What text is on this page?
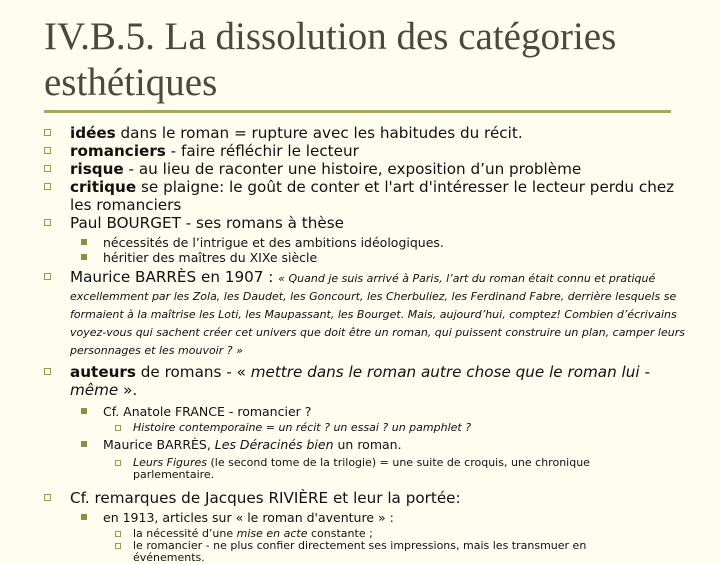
IV.B.5. La dissolution des catégories esthétiques
idées dans le roman = rupture avec les habitudes du récit.
romanciers - faire réfléchir le lecteur
risque - au lieu de raconter une histoire, exposition d’un problème
critique se plaigne: le goût de conter et l'art d'intéresser le lecteur perdu chez les romanciers
Paul BOURGET - ses romans à thèse
nécessités de l’intrigue et des ambitions idéologiques.
héritier des maîtres du XIXe siècle
Maurice BARRÈS en 1907 : « Quand je suis arrivé à Paris, l’art du roman était connu et pratiqué excellemment par les Zola, les Daudet, les Goncourt, les Cherbuliez, les Ferdinand Fabre, derrière lesquels se formaient à la maîtrise les Loti, les Maupassant, les Bourget. Mais, aujourd’hui, comptez! Combien d’écrivains voyez-vous qui sachent créer cet univers que doit être un roman, qui puissent construire un plan, camper leurs personnages et les mouvoir ? »
auteurs de romans - « mettre dans le roman autre chose que le roman lui -même ».
Cf. Anatole FRANCE - romancier ?
Histoire contemporaine = un récit ? un essai ? un pamphlet ?
Maurice BARRÈS, Les Déracinés bien un roman.
Leurs Figures (le second tome de la trilogie) = une suite de croquis, une chronique parlementaire.
Cf. remarques de Jacques RIVIÈRE et leur la portée:
en 1913, articles sur « le roman d'aventure » :
la nécessité d’une mise en acte constante ;
le romancier - ne plus confier directement ses impressions, mais les transmuer en événements.
